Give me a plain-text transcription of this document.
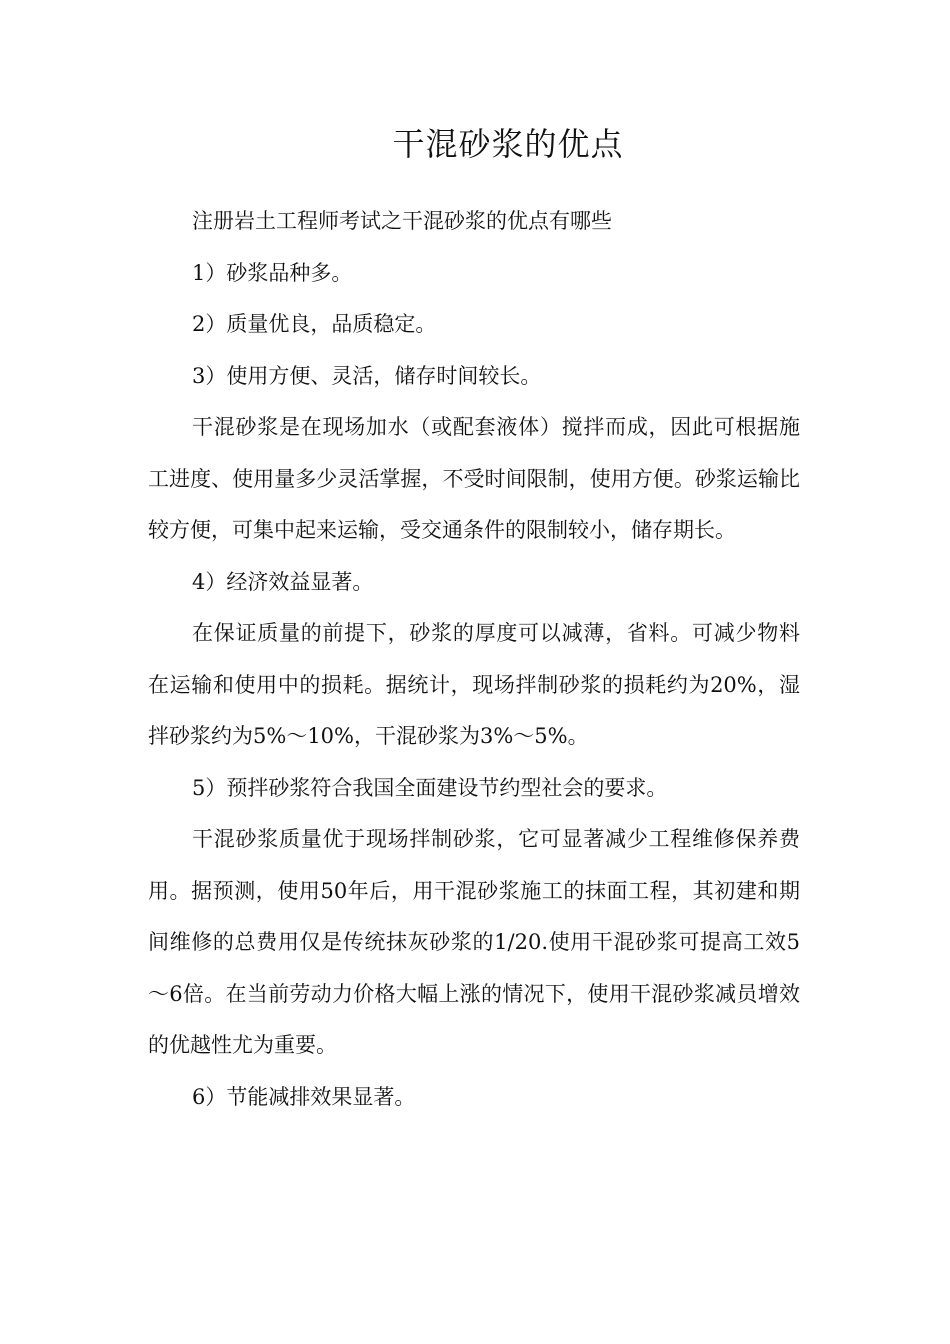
干混砂浆的优点

注册岩土工程师考试之干混砂浆的优点有哪些

1）砂浆品种多。

2）质量优良，品质稳定。

3）使用方便、灵活，储存时间较长。

干混砂浆是在现场加水（或配套液体）搅拌而成，因此可根据施工进度、使用量多少灵活掌握，不受时间限制，使用方便。砂浆运输比较方便，可集中起来运输，受交通条件的限制较小，储存期长。

4）经济效益显著。

在保证质量的前提下，砂浆的厚度可以减薄，省料。可减少物料在运输和使用中的损耗。据统计，现场拌制砂浆的损耗约为20%，湿拌砂浆约为5%～10%，干混砂浆为3%～5%。

5）预拌砂浆符合我国全面建设节约型社会的要求。

干混砂浆质量优于现场拌制砂浆，它可显著减少工程维修保养费用。据预测，使用50年后，用干混砂浆施工的抹面工程，其初建和期间维修的总费用仅是传统抹灰砂浆的1/20.使用干混砂浆可提高工效5～6倍。在当前劳动力价格大幅上涨的情况下，使用干混砂浆减员增效的优越性尤为重要。

6）节能减排效果显著。
